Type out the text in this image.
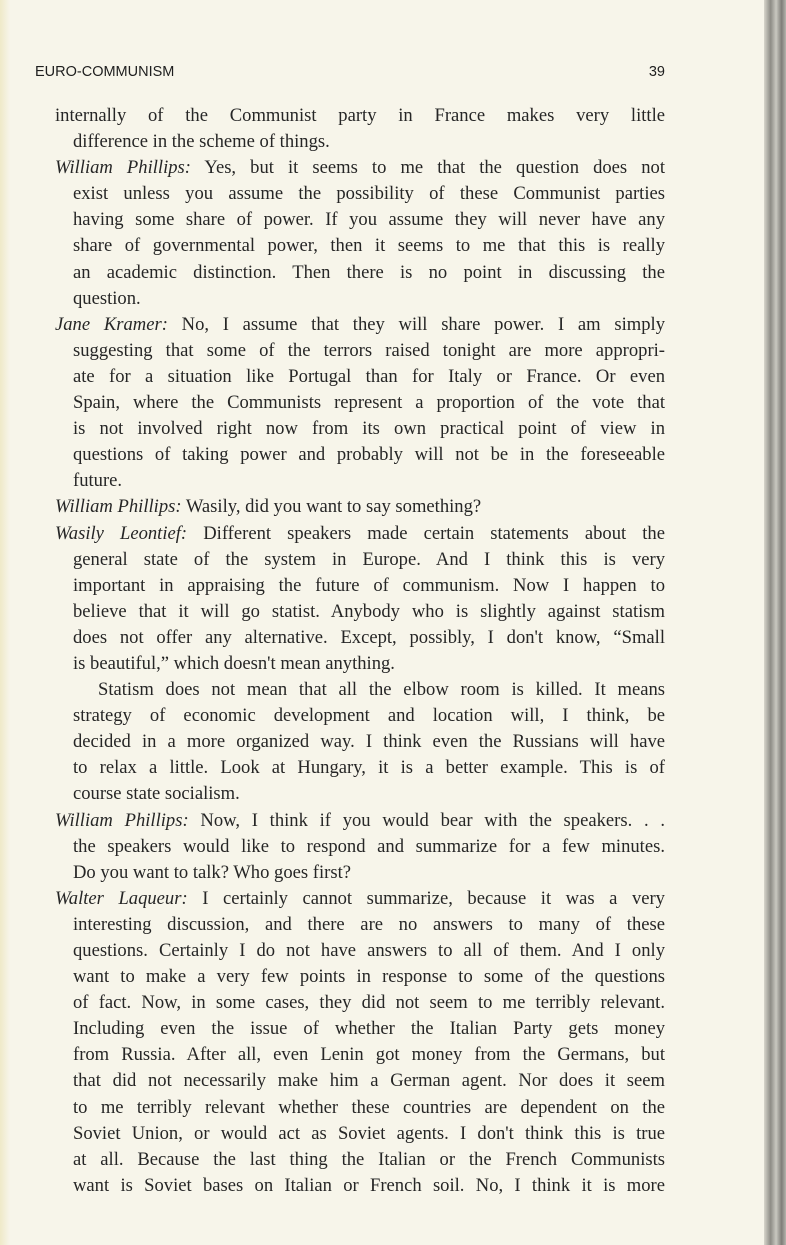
EURO-COMMUNISM	39
internally of the Communist party in France makes very little
difference in the scheme of things.
William Phillips: Yes, but it seems to me that the question does not
exist unless you assume the possibility of these Communist parties
having some share of power. If you assume they will never have any
share of governmental power, then it seems to me that this is really
an academic distinction. Then there is no point in discussing the
question.
Jane Kramer: No, I assume that they will share power. I am simply
suggesting that some of the terrors raised tonight are more appropri-
ate for a situation like Portugal than for Italy or France. Or even
Spain, where the Communists represent a proportion of the vote that
is not involved right now from its own practical point of view in
questions of taking power and probably will not be in the foreseeable
future.
William Phillips: Wasily, did you want to say something?
Wasily Leontief: Different speakers made certain statements about the
general state of the system in Europe. And I think this is very
important in appraising the future of communism. Now I happen to
believe that it will go statist. Anybody who is slightly against statism
does not offer any alternative. Except, possibly, I don't know, “Small
is beautiful,” which doesn't mean anything.
Statism does not mean that all the elbow room is killed. It means
strategy of economic development and location will, I think, be
decided in a more organized way. I think even the Russians will have
to relax a little. Look at Hungary, it is a better example. This is of
course state socialism.
William Phillips: Now, I think if you would bear with the speakers. . .
the speakers would like to respond and summarize for a few minutes.
Do you want to talk? Who goes first?
Walter Laqueur: I certainly cannot summarize, because it was a very
interesting discussion, and there are no answers to many of these
questions. Certainly I do not have answers to all of them. And I only
want to make a very few points in response to some of the questions
of fact. Now, in some cases, they did not seem to me terribly relevant.
Including even the issue of whether the Italian Party gets money
from Russia. After all, even Lenin got money from the Germans, but
that did not necessarily make him a German agent. Nor does it seem
to me terribly relevant whether these countries are dependent on the
Soviet Union, or would act as Soviet agents. I don't think this is true
at all. Because the last thing the Italian or the French Communists
want is Soviet bases on Italian or French soil. No, I think it is more
